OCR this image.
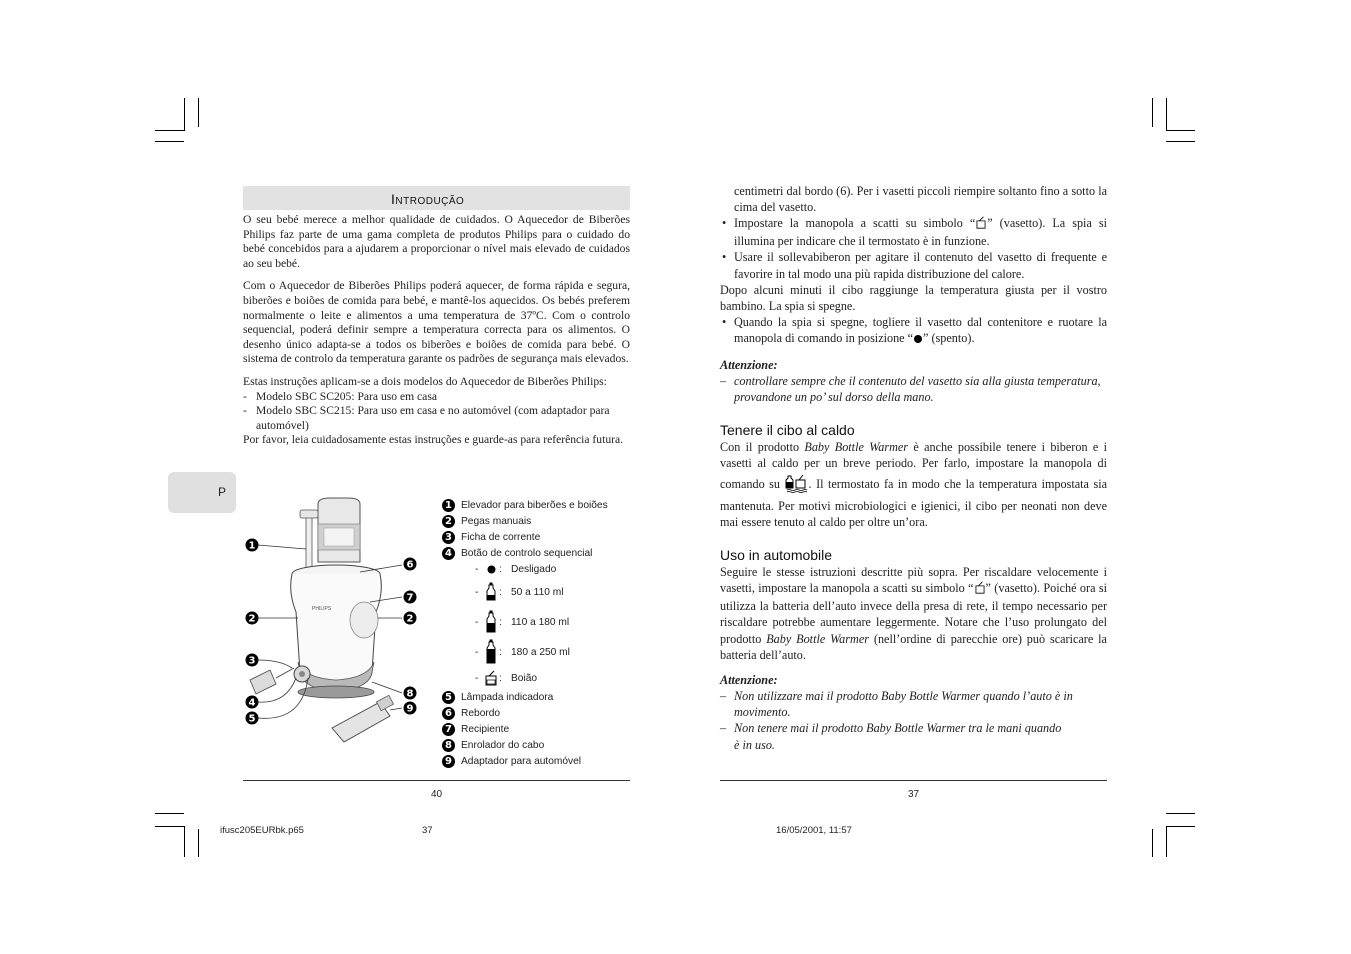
P
Introdução

O seu bebé merece a melhor qualidade de cuidados. O Aquecedor de Biberões Philips faz parte de uma gama completa de produtos Philips para o cuidado do bebé concebidos para a ajudarem a proporcionar o nível mais elevado de cuidados ao seu bebé.

Com o Aquecedor de Biberões Philips poderá aquecer, de forma rápida e segura, biberões e boiões de comida para bebé, e mantê-los aquecidos. Os bebés preferem normalmente o leite e alimentos a uma temperatura de 37ºC. Com o controlo sequencial, poderá definir sempre a temperatura correcta para os alimentos. O desenho único adapta-se a todos os biberões e boiões de comida para bebé. O sistema de controlo da temperatura garante os padrões de segurança mais elevados.

Estas instruções aplicam-se a dois modelos do Aquecedor de Biberões Philips:

- Modelo SBC SC205: Para uso em casa
- Modelo SBC SC215: Para uso em casa e no automóvel (com adaptador para automóvel)

Por favor, leia cuidadosamente estas instruções e guarde-as para referência futura.

PHILIPS
1
6
7
2	2
3
8
4
9
5
1 Elevador para biberões e boiões
2 Pegas manuais
3 Ficha de corrente
4 Botão de controlo sequencial
-	: Desligado
-	: 50 a 110 ml
-	: 110 a 180 ml
-	: 180 a 250 ml
-	: Boião
5 Lâmpada indicadora
6 Rebordo
7 Recipiente
8 Enrolador do cabo
9 Adaptador para automóvel
40

centimetri dal bordo (6). Per i vasetti piccoli riempire soltanto fino a sotto la cima del vasetto.

• Impostare la manopola a scatti su simbolo “ ” (vasetto). La spia si illumina per indicare che il termostato è in funzione.
• Usare il sollevabiberon per agitare il contenuto del vasetto di frequente e favorire in tal modo una più rapida distribuzione del calore.

Dopo alcuni minuti il cibo raggiunge la temperatura giusta per il vostro bambino. La spia si spegne.

• Quando la spia si spegne, togliere il vasetto dal contenitore e ruotare la manopola di comando in posizione “ ” (spento).

Attenzione:

– controllare sempre che il contenuto del vasetto sia alla giusta temperatura, provandone un po’ sul dorso della mano.

Tenere il cibo al caldo

Con il prodotto Baby Bottle Warmer è anche possibile tenere i biberon e i vasetti al caldo per un breve periodo. Per farlo, impostare la manopola di comando su . Il termostato fa in modo che la temperatura impostata sia mantenuta. Per motivi microbiologici e igienici, il cibo per neonati non deve mai essere tenuto al caldo per oltre un’ora.

Uso in automobile

Seguire le stesse istruzioni descritte più sopra. Per riscaldare velocemente i vasetti, impostare la manopola a scatti su simbolo “ ” (vasetto). Poiché ora si utilizza la batteria dell’auto invece della presa di rete, il tempo necessario per riscaldare potrebbe aumentare leggermente. Notare che l’uso prolungato del prodotto Baby Bottle Warmer (nell’ordine di parecchie ore) può scaricare la batteria dell’auto.

Attenzione:

– Non utilizzare mai il prodotto Baby Bottle Warmer quando l’auto è in movimento.
– Non tenere mai il prodotto Baby Bottle Warmer tra le mani quando è in uso.
37
ifusc205EURbk.p65	37	16/05/2001, 11:57
